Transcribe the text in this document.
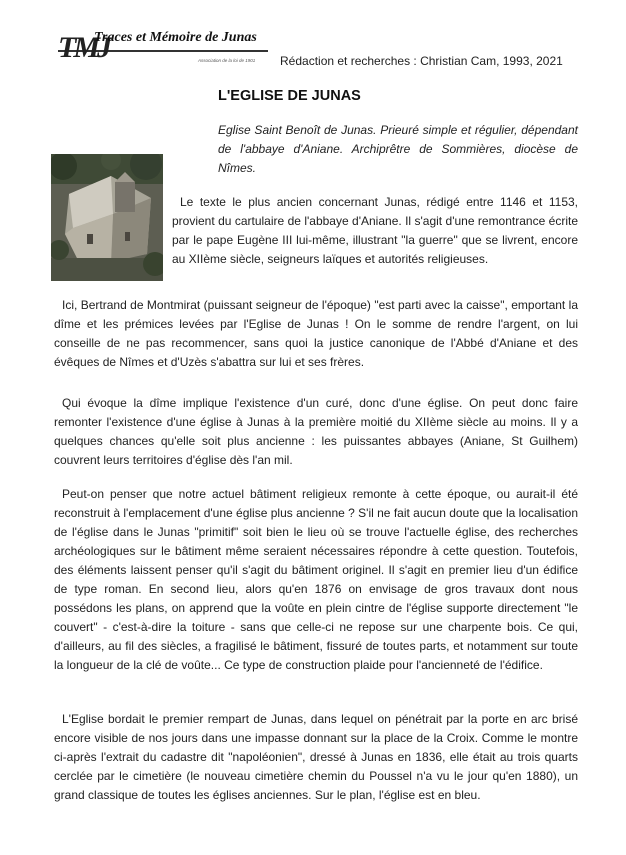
TMJ
Traces et Mémoire de Junas
Association de la loi de 1901 Rédaction et recherches : Christian Cam, 1993, 2021
L'EGLISE DE JUNAS

Eglise Saint Benoît de Junas. Prieuré simple et régulier, dépendant de l'abbaye d'Aniane. Archiprêtre de Sommières, diocèse de Nîmes.

Le texte le plus ancien concernant Junas, rédigé entre 1146 et 1153, provient du cartulaire de l'abbaye d'Aniane. Il s'agit d'une remontrance écrite par le pape Eugène III lui-même, illustrant "la guerre" que se livrent, encore au XIIème siècle, seigneurs laïques et autorités religieuses.

Ici, Bertrand de Montmirat (puissant seigneur de l'époque) "est parti avec la caisse", emportant la dîme et les prémices levées par l'Eglise de Junas ! On le somme de rendre l'argent, on lui conseille de ne pas recommencer, sans quoi la justice canonique de l'Abbé d'Aniane et des évêques de Nîmes et d'Uzès s'abattra sur lui et ses frères.

Qui évoque la dîme implique l'existence d'un curé, donc d'une église. On peut donc faire remonter l'existence d'une église à Junas à la première moitié du XIIème siècle au moins. Il y a quelques chances qu'elle soit plus ancienne : les puissantes abbayes (Aniane, St Guilhem) couvrent leurs territoires d'église dès l'an mil.

Peut-on penser que notre actuel bâtiment religieux remonte à cette époque, ou aurait-il été reconstruit à l'emplacement d'une église plus ancienne ? S'il ne fait aucun doute que la localisation de l'église dans le Junas "primitif" soit bien le lieu où se trouve l'actuelle église, des recherches archéologiques sur le bâtiment même seraient nécessaires répondre à cette question. Toutefois, des éléments laissent penser qu'il s'agit du bâtiment originel. Il s'agit en premier lieu d'un édifice de type roman. En second lieu, alors qu'en 1876 on envisage de gros travaux dont nous possédons les plans, on apprend que la voûte en plein cintre de l'église supporte directement "le couvert" - c'est-à-dire la toiture - sans que celle-ci ne repose sur une charpente bois. Ce qui, d'ailleurs, au fil des siècles, a fragilisé le bâtiment, fissuré de toutes parts, et notamment sur toute la longueur de la clé de voûte... Ce type de construction plaide pour l'ancienneté de l'édifice.

L'Eglise bordait le premier rempart de Junas, dans lequel on pénétrait par la porte en arc brisé encore visible de nos jours dans une impasse donnant sur la place de la Croix. Comme le montre ci-après l'extrait du cadastre dit "napoléonien", dressé à Junas en 1836, elle était au trois quarts cerclée par le cimetière (le nouveau cimetière chemin du Poussel n'a vu le jour qu'en 1880), un grand classique de toutes les églises anciennes. Sur le plan, l'église est en bleu.
